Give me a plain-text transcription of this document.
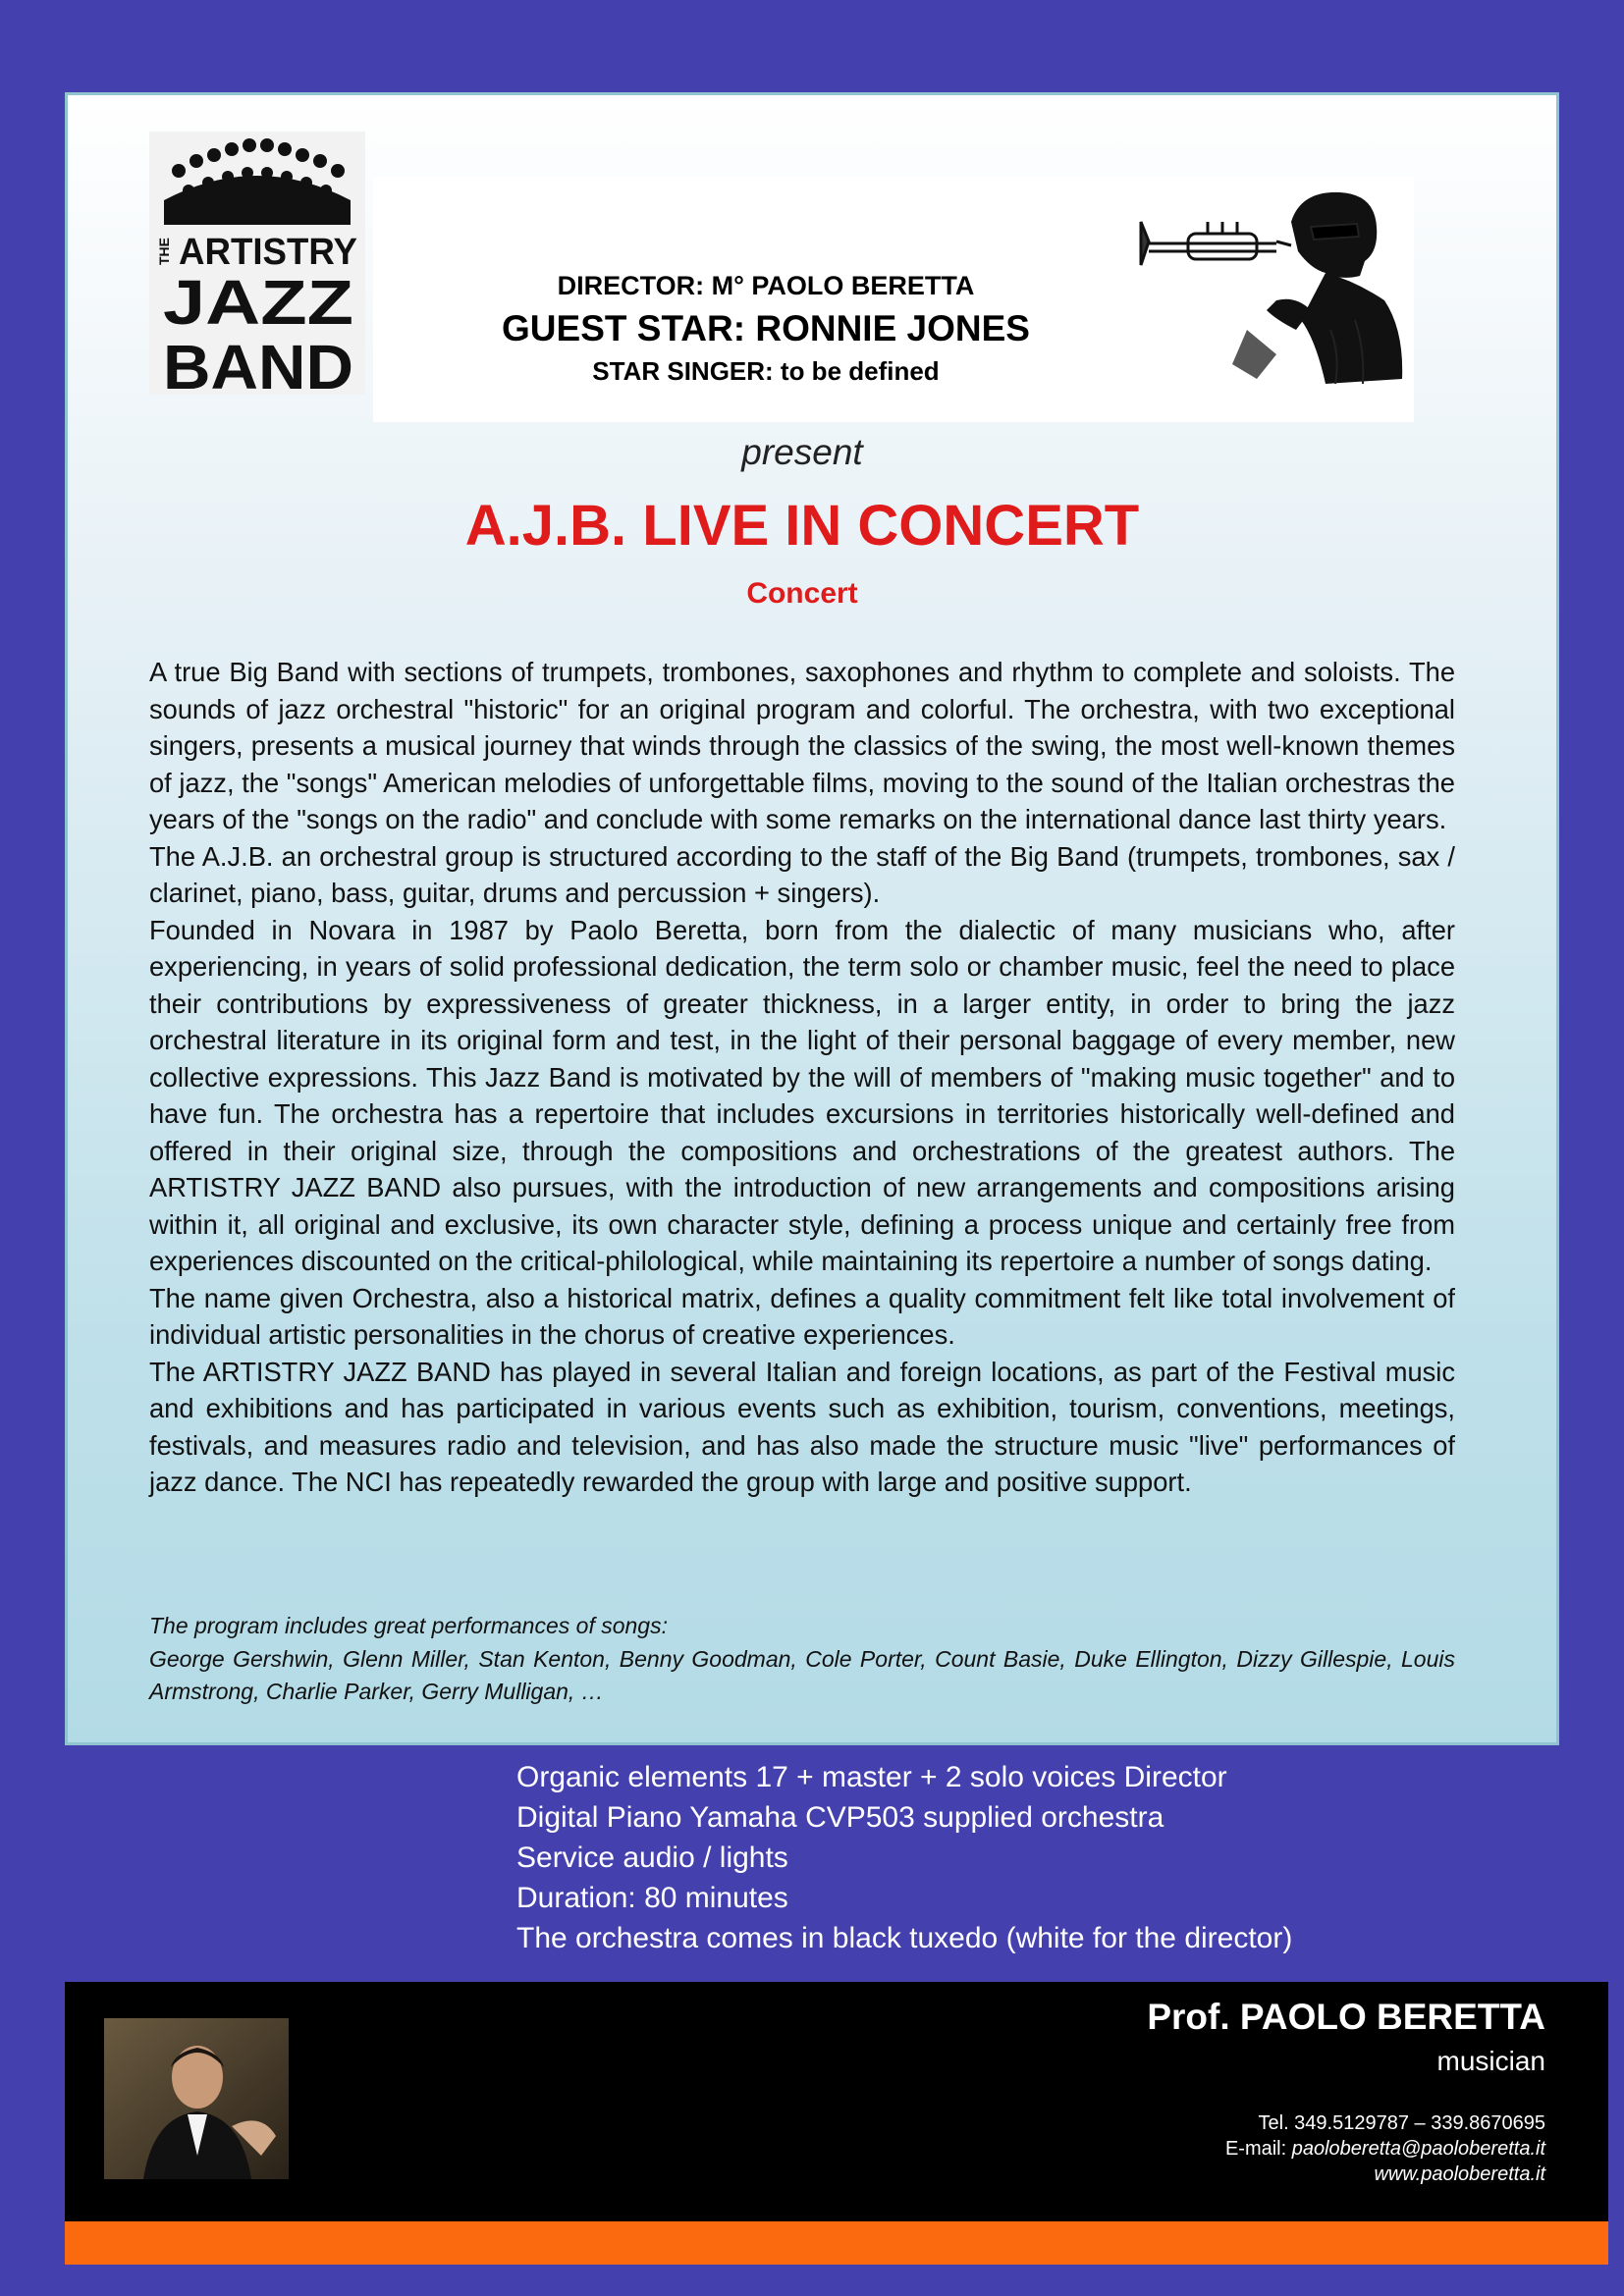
THE ARTISTRY
JAZZ
BAND
DIRECTOR: M° PAOLO BERETTA
GUEST STAR: RONNIE JONES
STAR SINGER: to be defined
present
A.J.B. LIVE IN CONCERT
Concert

A true Big Band with sections of trumpets, trombones, saxophones and rhythm to complete and soloists. The sounds of jazz orchestral "historic" for an original program and colorful. The orchestra, with two exceptional singers, presents a musical journey that winds through the classics of the swing, the most well-known themes of jazz, the "songs" American melodies of unforgettable films, moving to the sound of the Italian orchestras the years of the "songs on the radio" and conclude with some remarks on the international dance last thirty years.

The A.J.B. an orchestral group is structured according to the staff of the Big Band (trumpets, trombones, sax / clarinet, piano, bass, guitar, drums and percussion + singers).

Founded in Novara in 1987 by Paolo Beretta, born from the dialectic of many musicians who, after experiencing, in years of solid professional dedication, the term solo or chamber music, feel the need to place their contributions by expressiveness of greater thickness, in a larger entity, in order to bring the jazz orchestral literature in its original form and test, in the light of their personal baggage of every member, new collective expressions. This Jazz Band is motivated by the will of members of "making music together" and to have fun. The orchestra has a repertoire that includes excursions in territories historically well-defined and offered in their original size, through the compositions and orchestrations of the greatest authors. The ARTISTRY JAZZ BAND also pursues, with the introduction of new arrangements and compositions arising within it, all original and exclusive, its own character style, defining a process unique and certainly free from experiences discounted on the critical-philological, while maintaining its repertoire a number of songs dating.

The name given Orchestra, also a historical matrix, defines a quality commitment felt like total involvement of individual artistic personalities in the chorus of creative experiences.

The ARTISTRY JAZZ BAND has played in several Italian and foreign locations, as part of the Festival music and exhibitions and has participated in various events such as exhibition, tourism, conventions, meetings, festivals, and measures radio and television, and has also made the structure music "live" performances of jazz dance. The NCI has repeatedly rewarded the group with large and positive support.

The program includes great performances of songs:

George Gershwin, Glenn Miller, Stan Kenton, Benny Goodman, Cole Porter, Count Basie, Duke Ellington, Dizzy Gillespie, Louis Armstrong, Charlie Parker, Gerry Mulligan, …

Organic elements 17 + master + 2 solo voices Director
Digital Piano Yamaha CVP503 supplied orchestra
Service audio / lights
Duration: 80 minutes
The orchestra comes in black tuxedo (white for the director)
Prof. PAOLO BERETTA
musician
Tel. 349.5129787 – 339.8670695
E-mail: paoloberetta@paoloberetta.it
www.paoloberetta.it
